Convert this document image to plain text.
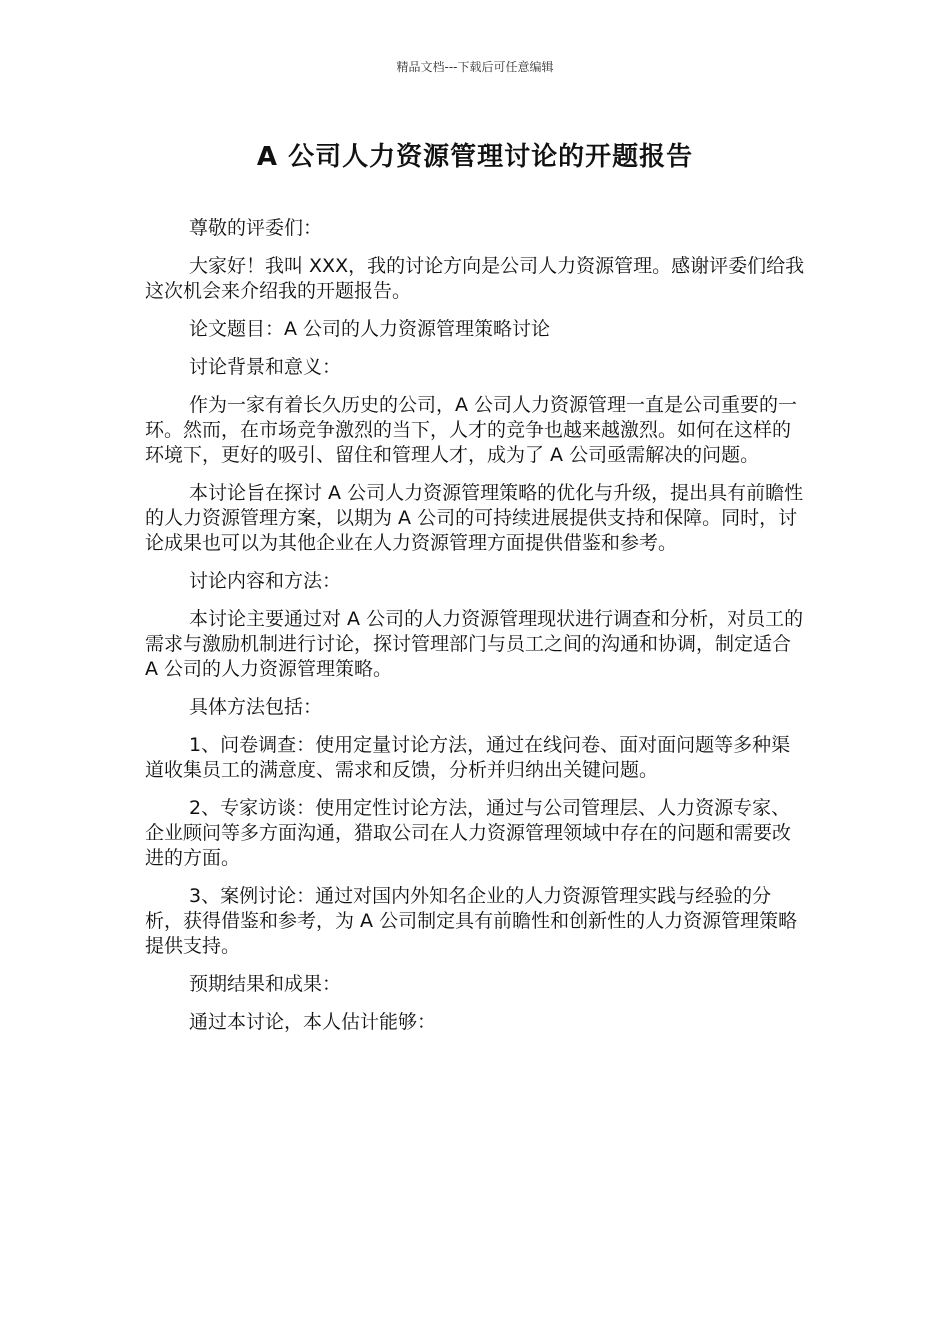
精品文档---下载后可任意编辑
A 公司人力资源管理讨论的开题报告

尊敬的评委们：

大家好！我叫 XXX，我的讨论方向是公司人力资源管理。感谢评委们给我这次机会来介绍我的开题报告。

论文题目：A 公司的人力资源管理策略讨论

讨论背景和意义：

作为一家有着长久历史的公司，A 公司人力资源管理一直是公司重要的一环。然而，在市场竞争激烈的当下，人才的竞争也越来越激烈。如何在这样的环境下，更好的吸引、留住和管理人才，成为了 A 公司亟需解决的问题。

本讨论旨在探讨 A 公司人力资源管理策略的优化与升级，提出具有前瞻性的人力资源管理方案，以期为 A 公司的可持续进展提供支持和保障。同时，讨论成果也可以为其他企业在人力资源管理方面提供借鉴和参考。

讨论内容和方法：

本讨论主要通过对 A 公司的人力资源管理现状进行调查和分析，对员工的需求与激励机制进行讨论，探讨管理部门与员工之间的沟通和协调，制定适合 A 公司的人力资源管理策略。

具体方法包括：

1、问卷调查：使用定量讨论方法，通过在线问卷、面对面问题等多种渠道收集员工的满意度、需求和反馈，分析并归纳出关键问题。

2、专家访谈：使用定性讨论方法，通过与公司管理层、人力资源专家、企业顾问等多方面沟通，猎取公司在人力资源管理领域中存在的问题和需要改进的方面。

3、案例讨论：通过对国内外知名企业的人力资源管理实践与经验的分析，获得借鉴和参考，为 A 公司制定具有前瞻性和创新性的人力资源管理策略提供支持。

预期结果和成果：

通过本讨论，本人估计能够：
